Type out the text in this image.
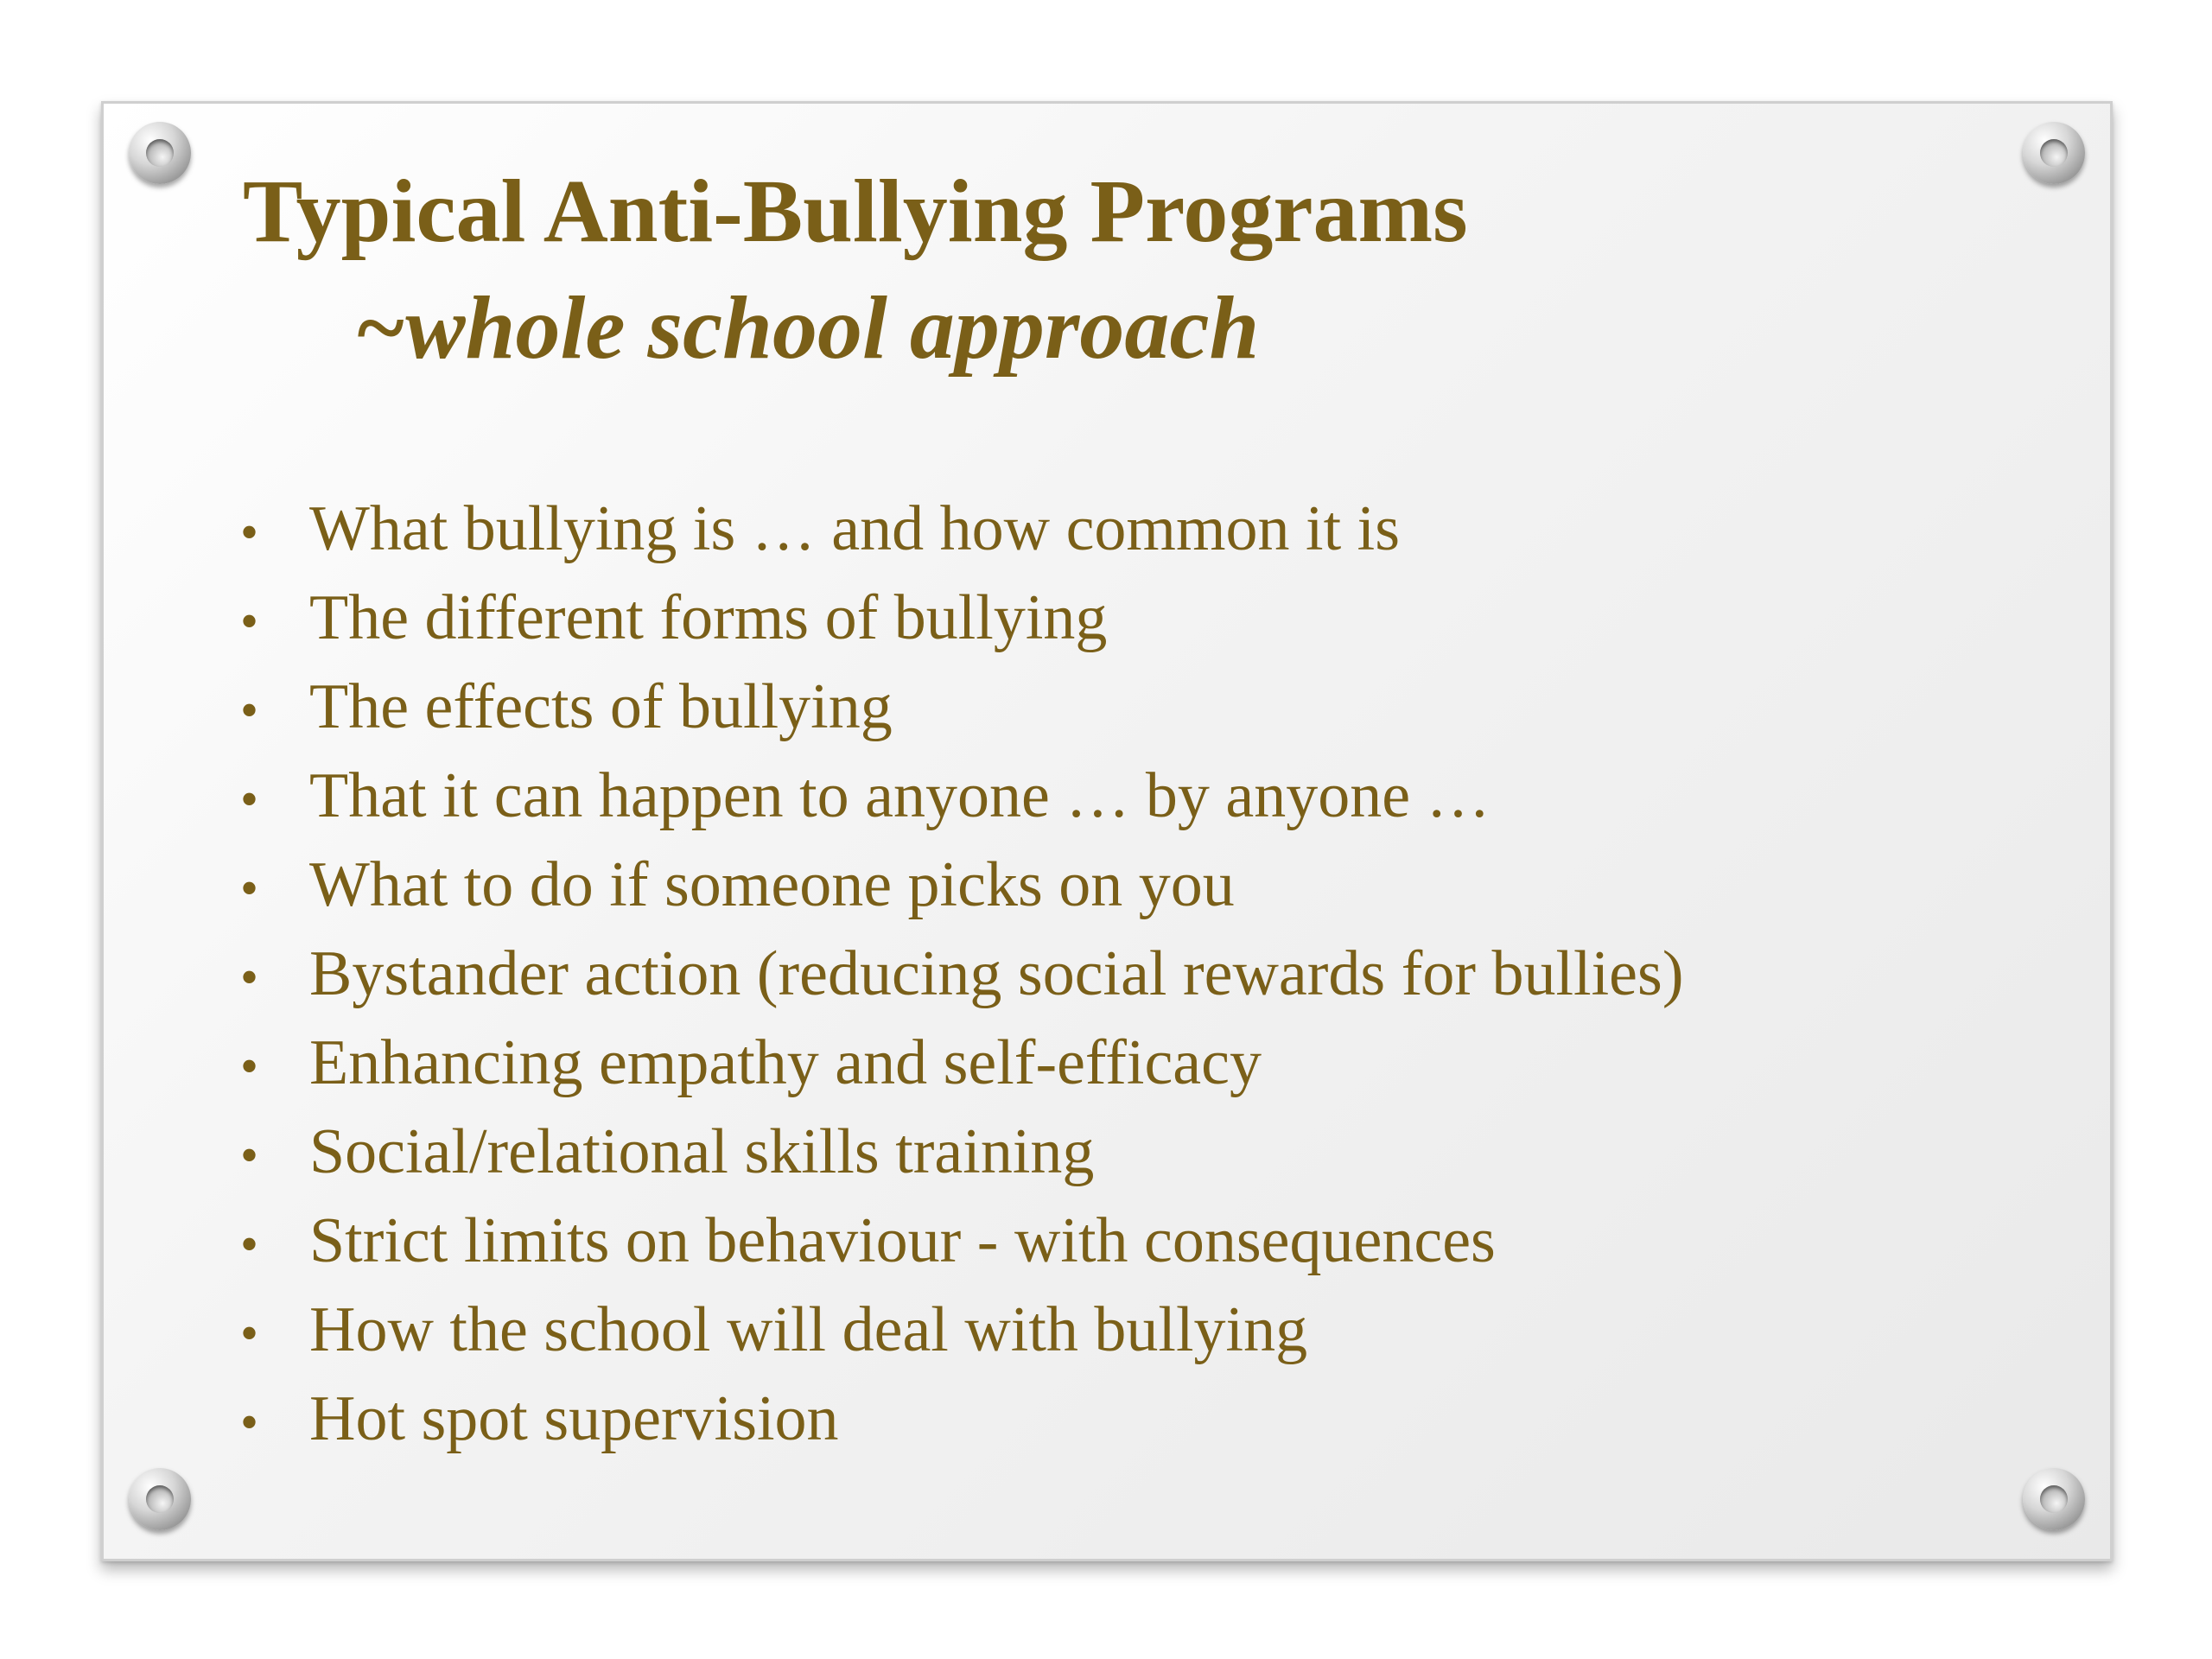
Typical Anti-Bullying Programs
~whole school approach
• What bullying is … and how common it is
• The different forms of bullying
• The effects of bullying
• That it can happen to anyone … by anyone …
• What to do if someone picks on you
• Bystander action (reducing social rewards for bullies)
• Enhancing empathy and self-efficacy
• Social/relational skills training
• Strict limits on behaviour - with consequences
• How the school will deal with bullying
• Hot spot supervision
